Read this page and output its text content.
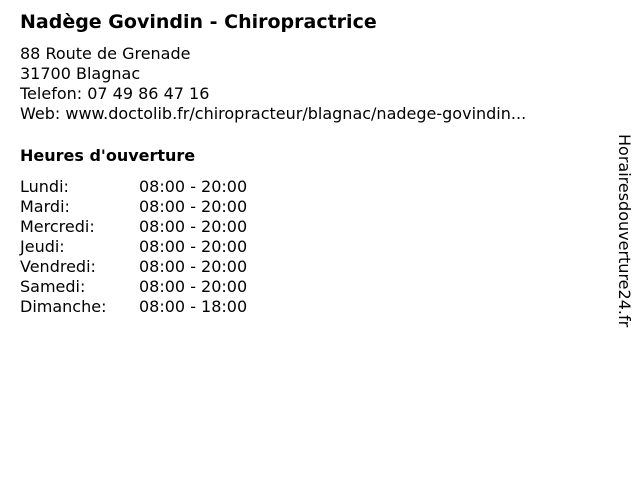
Nadège Govindin - Chiropractrice
88 Route de Grenade
31700 Blagnac
Telefon: 07 49 86 47 16
Web: www.doctolib.fr/chiropracteur/blagnac/nadege-govindin...
Heures d'ouverture
Lundi:	08:00 - 20:00
Mardi:	08:00 - 20:00
Mercredi:	08:00 - 20:00
Jeudi:	08:00 - 20:00
Vendredi:	08:00 - 20:00
Samedi:	08:00 - 20:00
Dimanche:	08:00 - 18:00	Horairesdouverture24.fr
